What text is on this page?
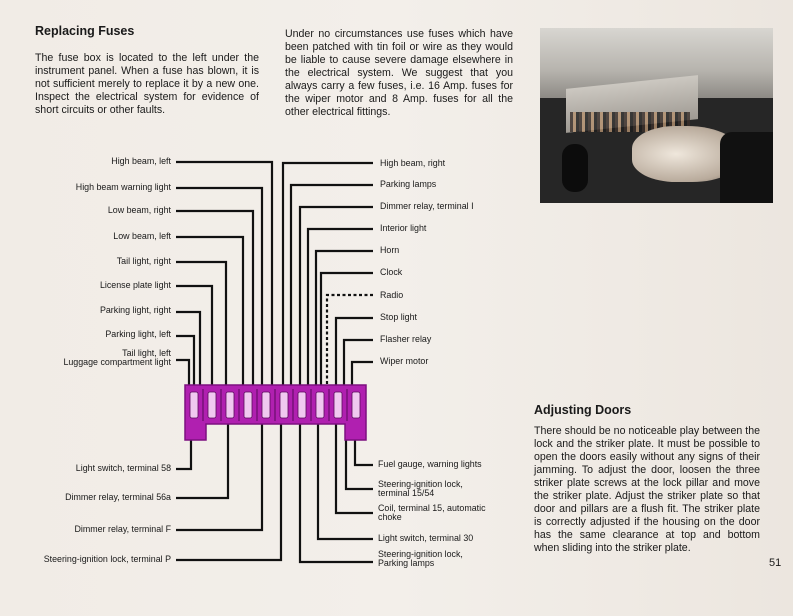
Replacing Fuses

The fuse box is located to the left under the instrument panel. When a fuse has blown, it is not sufficient merely to replace it by a new one. Inspect the electrical system for evidence of short circuits or other faults.

Under no circumstances use fuses which have been patched with tin foil or wire as they would be liable to cause severe damage elsewhere in the electrical system. We suggest that you always carry a few fuses, i.e. 16 Amp. fuses for the wiper motor and 8 Amp. fuses for all the other electrical fittings.

High beam, left
High beam warning light
Low beam, right
Low beam, left
Tail light, right
License plate light
Parking light, right
Parking light, left
Tail light, left
Luggage compartment light
High beam, right
Parking lamps
Dimmer relay, terminal I
Interior light
Horn
Clock
Radio
Stop light
Flasher relay
Wiper motor
Light switch, terminal 58
Dimmer relay, terminal 56a
Dimmer relay, terminal F
Steering-ignition lock, terminal P
Fuel gauge, warning lights
Steering-ignition lock,
terminal 15/54
Coil, terminal 15, automatic
choke
Light switch, terminal 30
Steering-ignition lock,
Parking lamps
Adjusting Doors

There should be no noticeable play between the lock and the striker plate. It must be possible to open the doors easily without any signs of their jamming. To adjust the door, loosen the three striker plate screws at the lock pillar and move the striker plate. Adjust the striker plate so that door and pillars are a flush fit. The striker plate is correctly adjusted if the housing on the door has the same clearance at top and bottom when sliding into the striker plate.

51
